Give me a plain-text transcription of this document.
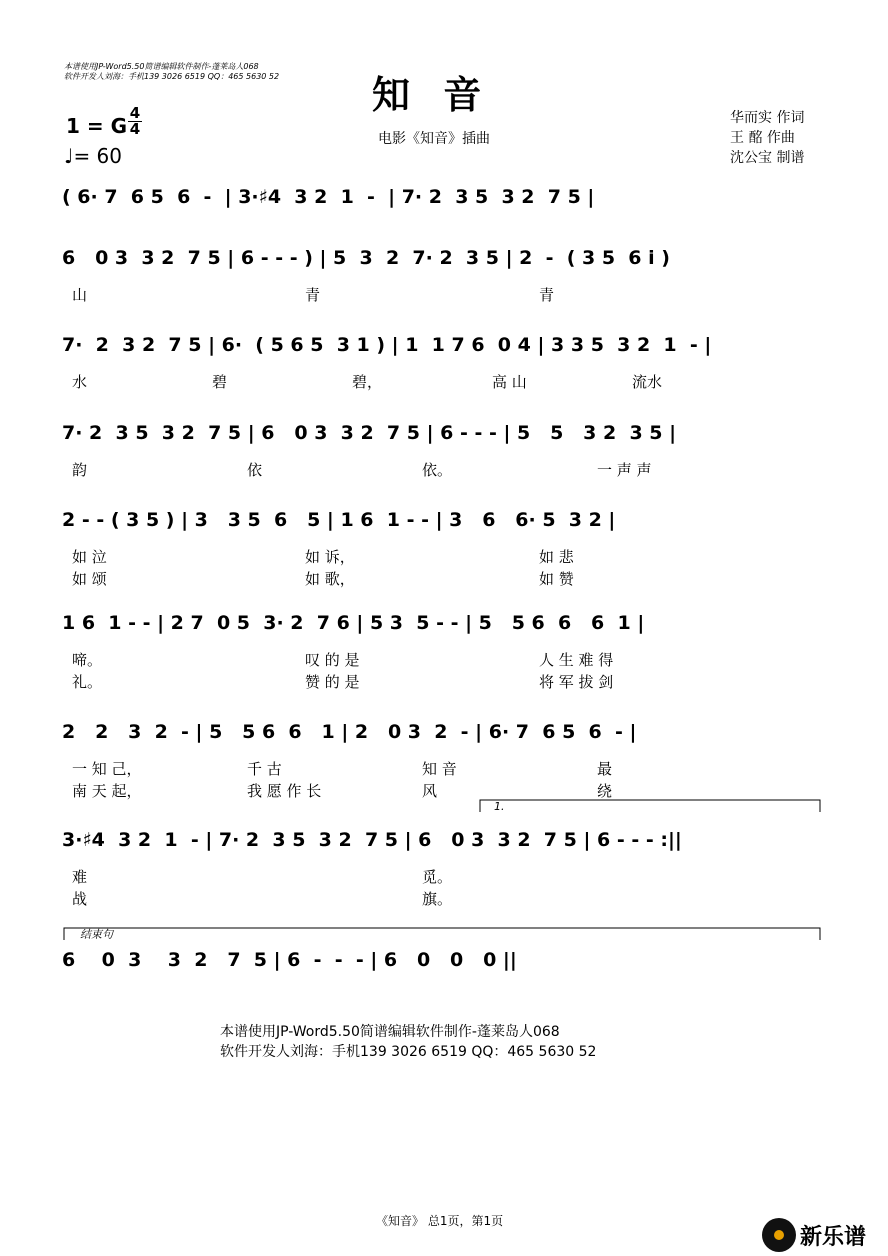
本谱使用JP-Word5.50简谱编辑软件制作-蓬莱岛人068
软件开发人刘海：手机139 3026 6519 QQ：465 5630 52 知 音
1 = G
4
4
♩= 60
电影《知音》插曲
华而实 作词
王 酩 作曲
沈公宝 制谱
( 6· 7  6 5  6  -  | 3·♯4  3 2  1  -  | 7· 2  3 5  3 2  7 5 |
6   0 3  3 2  7 5 | 6 - - - ) | 5  3  2  7· 2  3 5 | 2  -  ( 3 5  6 i )
山	青	青
7·  2  3 2  7 5 | 6·  ( 5 6 5  3 1 ) | 1  1 7 6  0 4 | 3 3 5  3 2  1  - |
水	碧	碧，	高 山	流水
7· 2  3 5  3 2  7 5 | 6   0 3  3 2  7 5 | 6 - - - | 5   5   3 2  3 5 |
韵	依	依。	一 声 声
2 - - ( 3 5 ) | 3   3 5  6   5 | 1 6  1 - - | 3   6   6· 5  3 2 |
如 泣	如 诉，	如 悲
如 颂	如 歌，	如 赞
1 6  1 - - | 2 7  0 5  3· 2  7 6 | 5 3  5 - - | 5   5 6  6   6  1 |
啼。	叹 的 是	人 生 难 得
礼。	赞 的 是	将 军 拔 剑
2   2   3  2  - | 5   5 6  6   1 | 2   0 3  2  - | 6· 7  6 5  6  - |
一 知 己，	千 古	知 音	最
南 天 起，	我 愿 作 长	风	绕
3·♯4  3 2  1  - | 7· 2  3 5  3 2  7 5 | 6   0 3  3 2  7 5 | 6 - - - :||
难	觅。
战	旗。
6    0  3    3  2   7  5 | 6  -  -  - | 6   0   0   0 ||
1.
结束句
本谱使用JP-Word5.50简谱编辑软件制作-蓬莱岛人068
软件开发人刘海：手机139 3026 6519 QQ：465 5630 52
《知音》 总1页，第1页
新乐谱
